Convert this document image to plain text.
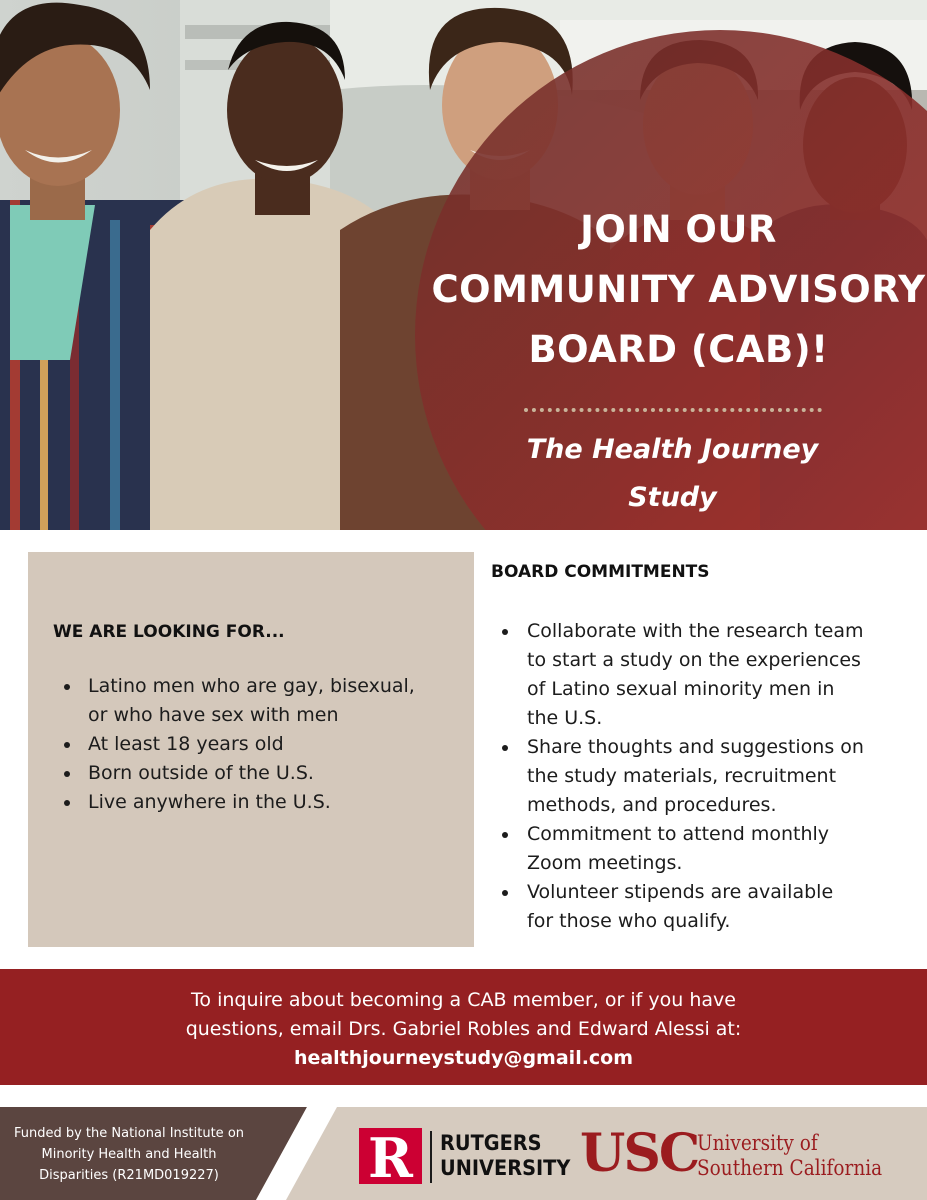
JOIN OUR
COMMUNITY ADVISORY
BOARD (CAB)!
The Health Journey
Study
WE ARE LOOKING FOR...
Latino men who are gay, bisexual,
or who have sex with men
At least 18 years old
Born outside of the U.S.
Live anywhere in the U.S.
BOARD COMMITMENTS
Collaborate with the research team
to start a study on the experiences
of Latino sexual minority men in
the U.S.
Share thoughts and suggestions on
the study materials, recruitment
methods, and procedures.
Commitment to attend monthly
Zoom meetings.
Volunteer stipends are available
for those who qualify.
To inquire about becoming a CAB member, or if you have
questions, email Drs. Gabriel Robles and Edward Alessi at:
healthjourneystudy@gmail.com
Funded by the National Institute on
Minority Health and Health
Disparities (R21MD019227)	R RUTGERS
UNIVERSITY USC
University of
Southern California
